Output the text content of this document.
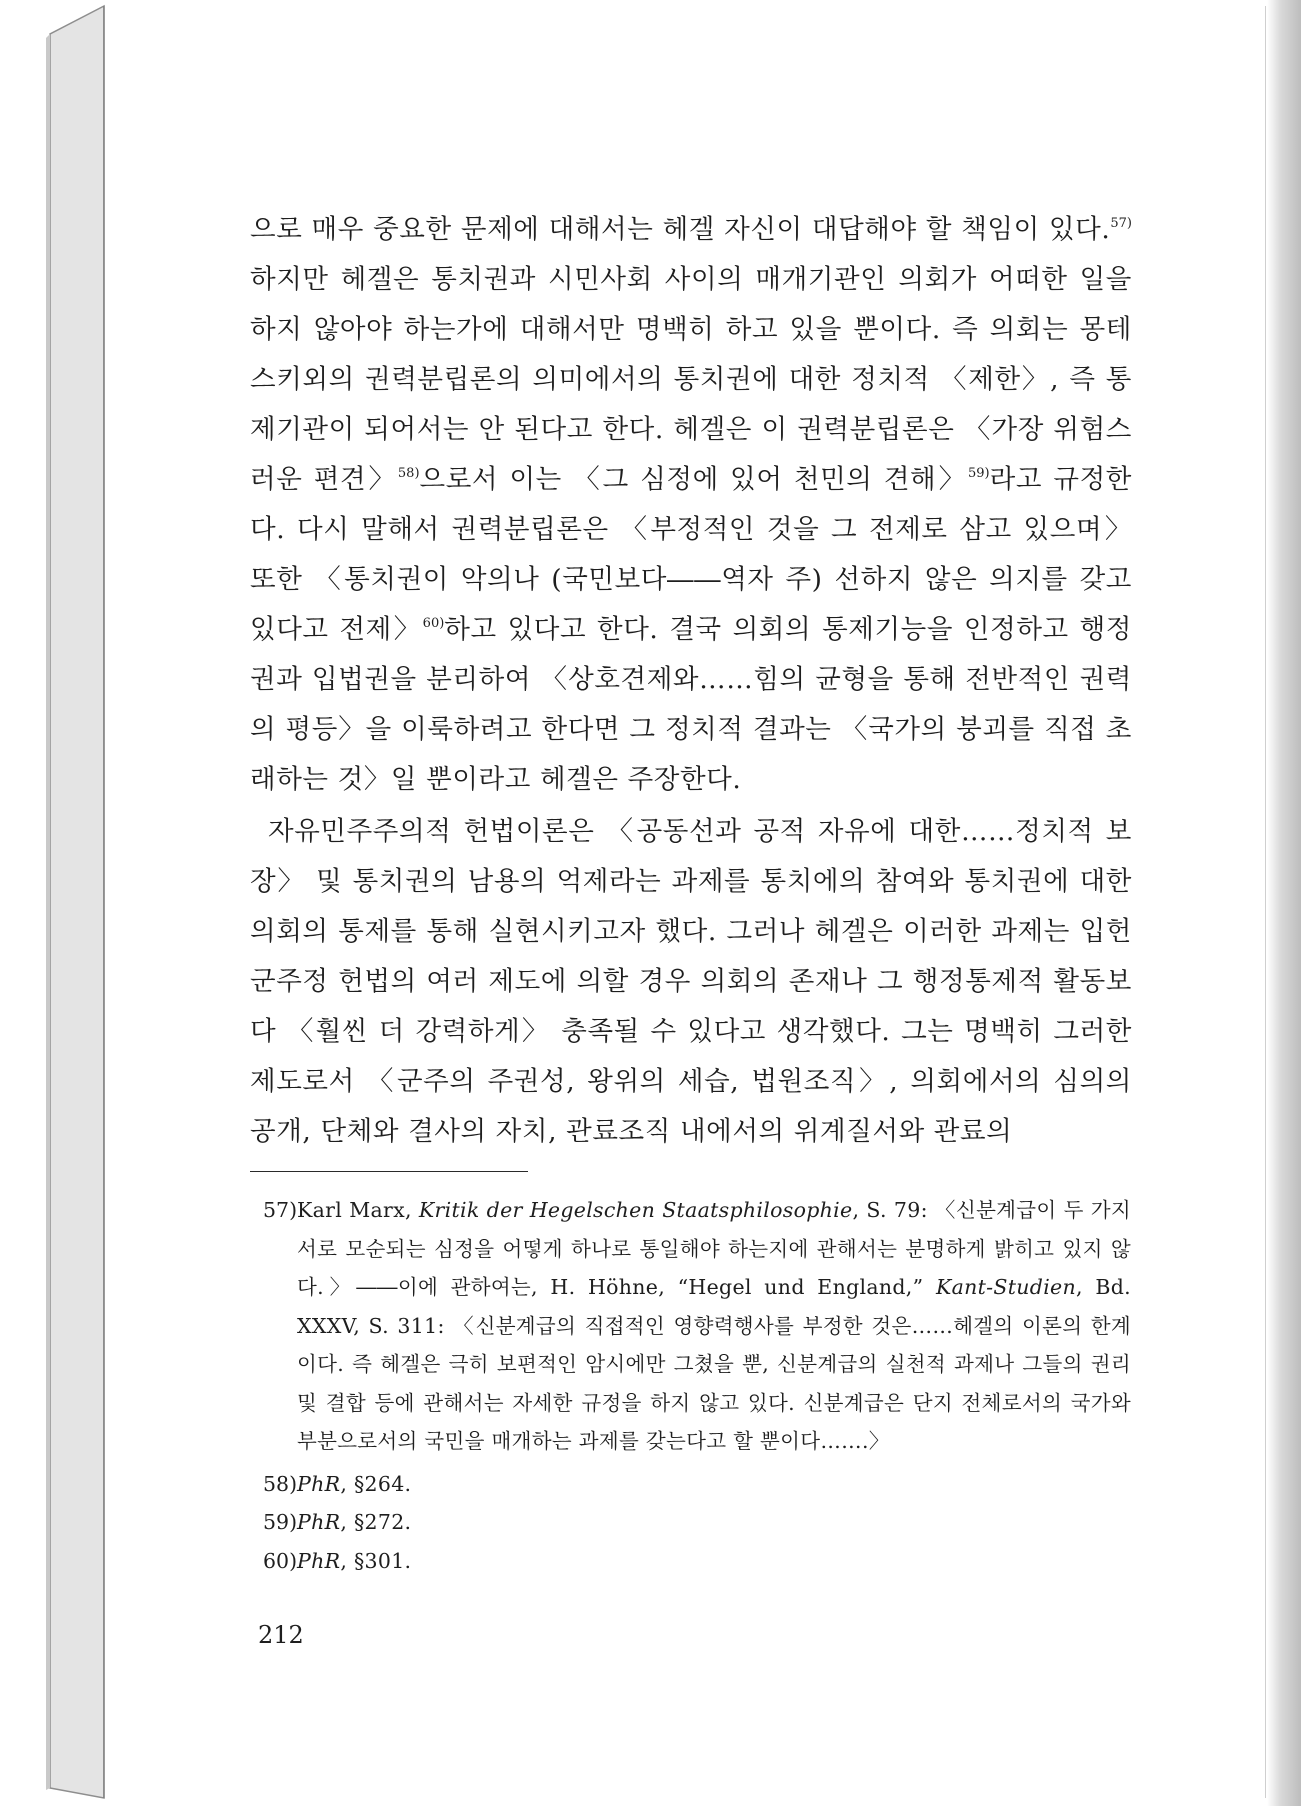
으로 매우 중요한 문제에 대해서는 헤겔 자신이 대답해야 할 책임이 있다.$^{57)}$ 하지만 헤겔은 통치권과 시민사회 사이의 매개기관인 의회가 어떠한 일을 하지 않아야 하는가에 대해서만 명백히 하고 있을 뿐이다. 즉 의회는 몽테스키외의 권력분립론의 의미에서의 통치권에 대한 정치적 〈제한〉, 즉 통제기관이 되어서는 안 된다고 한다. 헤겔은 이 권력분립론은 〈가장 위험스러운 편견〉$^{58)}$으로서 이는 〈그 심정에 있어 천민의 견해〉$^{59)}$라고 규정한다. 다시 말해서 권력분립론은 〈부정적인 것을 그 전제로 삼고 있으며〉 또한 〈통치권이 악의나 (국민보다――역자 주) 선하지 않은 의지를 갖고 있다고 전제〉$^{60)}$하고 있다고 한다. 결국 의회의 통제기능을 인정하고 행정권과 입법권을 분리하여 〈상호견제와……힘의 균형을 통해 전반적인 권력의 평등〉을 이룩하려고 한다면 그 정치적 결과는 〈국가의 붕괴를 직접 초래하는 것〉일 뿐이라고 헤겔은 주장한다.

자유민주주의적 헌법이론은 〈공동선과 공적 자유에 대한……정치적 보장〉 및 통치권의 남용의 억제라는 과제를 통치에의 참여와 통치권에 대한 의회의 통제를 통해 실현시키고자 했다. 그러나 헤겔은 이러한 과제는 입헌군주정 헌법의 여러 제도에 의할 경우 의회의 존재나 그 행정통제적 활동보다 〈훨씬 더 강력하게〉 충족될 수 있다고 생각했다. 그는 명백히 그러한 제도로서 〈군주의 주권성, 왕위의 세습, 법원조직〉, 의회에서의 심의의 공개, 단체와 결사의 자치, 관료조직 내에서의 위계질서와 관료의

57) Karl Marx, Kritik der Hegelschen Staatsphilosophie, S. 79: 〈신분계급이 두 가지 서로 모순되는 심정을 어떻게 하나로 통일해야 하는지에 관해서는 분명하게 밝히고 있지 않다.〉――이에 관하여는, H. Höhne, “Hegel und England,” Kant-Studien, Bd. XXXV, S. 311: 〈신분계급의 직접적인 영향력행사를 부정한 것은……헤겔의 이론의 한계이다. 즉 헤겔은 극히 보편적인 암시에만 그쳤을 뿐, 신분계급의 실천적 과제나 그들의 권리 및 결합 등에 관해서는 자세한 규정을 하지 않고 있다. 신분계급은 단지 전체로서의 국가와 부분으로서의 국민을 매개하는 과제를 갖는다고 할 뿐이다…….〉
58) PhR, §264.
59) PhR, §272.
60) PhR, §301.
212
